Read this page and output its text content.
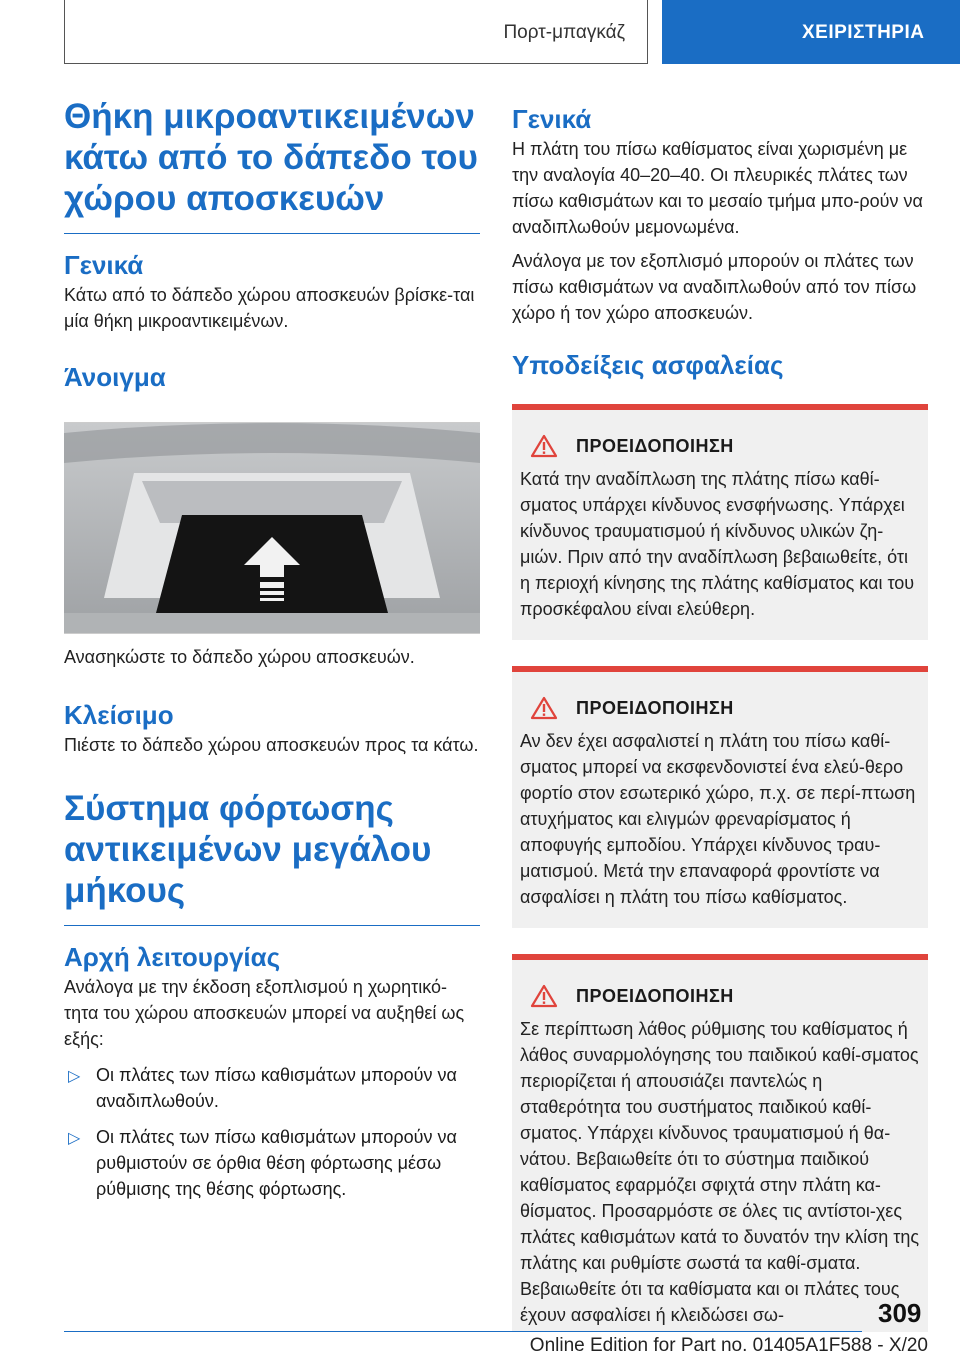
Πορτ-μπαγκάζ	ΧΕΙΡΙΣΤΗΡΙΑ
Θήκη μικροαντικειμένων κάτω από το δάπεδο του χώρου αποσκευών
Γενικά

Κάτω από το δάπεδο χώρου αποσκευών βρίσκε-ται μία θήκη μικροαντικειμένων.

Άνοιγμα

Ανασηκώστε το δάπεδο χώρου αποσκευών.

Κλείσιμο

Πιέστε το δάπεδο χώρου αποσκευών προς τα κάτω.

Σύστημα φόρτωσης αντικειμένων μεγάλου μήκους
Αρχή λειτουργίας

Ανάλογα με την έκδοση εξοπλισμού η χωρητικό-τητα του χώρου αποσκευών μπορεί να αυξηθεί ως εξής:

▷ Οι πλάτες των πίσω καθισμάτων μπορούν να αναδιπλωθούν.
▷ Οι πλάτες των πίσω καθισμάτων μπορούν να ρυθμιστούν σε όρθια θέση φόρτωσης μέσω ρύθμισης της θέσης φόρτωσης.
Γενικά

Η πλάτη του πίσω καθίσματος είναι χωρισμένη με την αναλογία 40–20–40. Οι πλευρικές πλάτες των πίσω καθισμάτων και το μεσαίο τμήμα μπο-ρούν να αναδιπλωθούν μεμονωμένα.

Ανάλογα με τον εξοπλισμό μπορούν οι πλάτες των πίσω καθισμάτων να αναδιπλωθούν από τον πίσω χώρο ή τον χώρο αποσκευών.

Υποδείξεις ασφαλείας
ΠΡΟΕΙΔΟΠΟΙΗΣΗ

Κατά την αναδίπλωση της πλάτης πίσω καθί-σματος υπάρχει κίνδυνος ενσφήνωσης. Υπάρχει κίνδυνος τραυματισμού ή κίνδυνος υλικών ζη-μιών. Πριν από την αναδίπλωση βεβαιωθείτε, ότι η περιοχή κίνησης της πλάτης καθίσματος και του προσκέφαλου είναι ελεύθερη.

ΠΡΟΕΙΔΟΠΟΙΗΣΗ

Αν δεν έχει ασφαλιστεί η πλάτη του πίσω καθί-σματος μπορεί να εκσφενδονιστεί ένα ελεύ-θερο φορτίο στον εσωτερικό χώρο, π.χ. σε περί-πτωση ατυχήματος και ελιγμών φρεναρίσματος ή αποφυγής εμποδίου. Υπάρχει κίνδυνος τραυ-ματισμού. Μετά την επαναφορά φροντίστε να ασφαλίσει η πλάτη του πίσω καθίσματος.

ΠΡΟΕΙΔΟΠΟΙΗΣΗ

Σε περίπτωση λάθος ρύθμισης του καθίσματος ή λάθος συναρμολόγησης του παιδικού καθί-σματος περιορίζεται ή απουσιάζει παντελώς η σταθερότητα του συστήματος παιδικού καθί-σματος. Υπάρχει κίνδυνος τραυματισμού ή θα-νάτου. Βεβαιωθείτε ότι το σύστημα παιδικού καθίσματος εφαρμόζει σφιχτά στην πλάτη κα-θίσματος. Προσαρμόστε σε όλες τις αντίστοι-χες πλάτες καθισμάτων κατά το δυνατόν την κλίση της πλάτης και ρυθμίστε σωστά τα καθί-σματα. Βεβαιωθείτε ότι τα καθίσματα και οι πλάτες τους έχουν ασφαλίσει ή κλειδώσει σω-	309
Online Edition for Part no. 01405A1F588 - X/20
